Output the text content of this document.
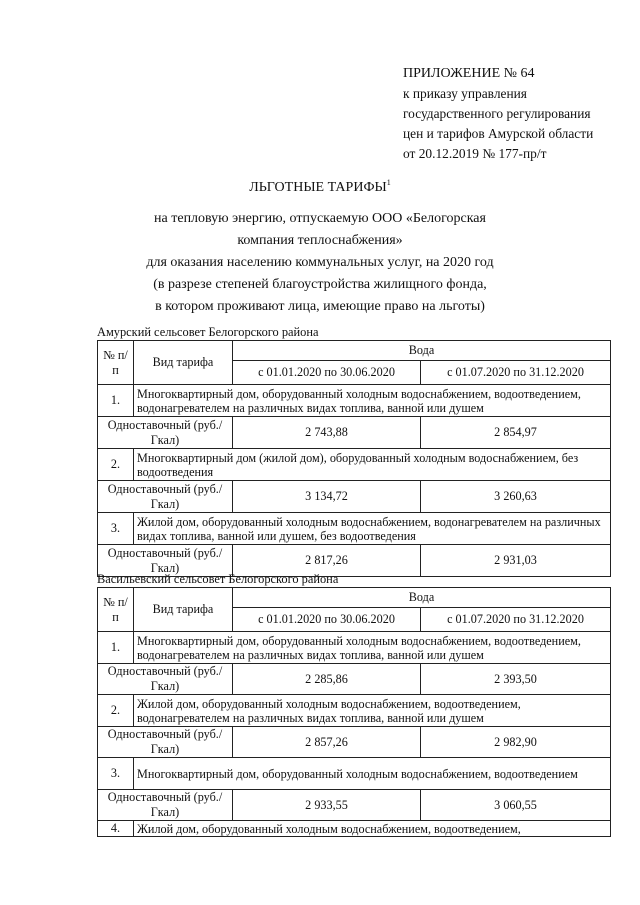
ПРИЛОЖЕНИЕ № 64
к приказу управления
государственного регулирования
цен и тарифов Амурской области
от 20.12.2019 № 177-пр/т
ЛЬГОТНЫЕ ТАРИФЫ$^1$
на тепловую энергию, отпускаемую ООО «Белогорская
компания теплоснабжения»
для оказания населению коммунальных услуг, на 2020 год
(в разрезе степеней благоустройства жилищного фонда,
в котором проживают лица, имеющие право на льготы)
Амурский сельсовет Белогорского района
№ п/п	Вид тарифа	Вода	
		с 01.01.2020 по 30.06.2020	с 01.07.2020 по 31.12.2020
1.	Многоквартирный дом, оборудованный холодным водоснабжением, водоотведением, водонагревателем на различных видах топлива, ванной или душем		
Одноставочный (руб./Гкал)		2 743,88	2 854,97
2.	Многоквартирный дом (жилой дом), оборудованный холодным водоснабжением, без водоотведения		
Одноставочный (руб./Гкал)		3 134,72	3 260,63
3.	Жилой дом, оборудованный холодным водоснабжением, водонагревателем на различных видах топлива, ванной или душем, без водоотведения		
Одноставочный (руб./Гкал)		2 817,26	2 931,03
Васильевский сельсовет Белогорского района
№ п/п	Вид тарифа	Вода	
		с 01.01.2020 по 30.06.2020	с 01.07.2020 по 31.12.2020
1.	Многоквартирный дом, оборудованный холодным водоснабжением, водоотведением, водонагревателем на различных видах топлива, ванной или душем		
Одноставочный (руб./Гкал)		2 285,86	2 393,50
2.	Жилой дом, оборудованный холодным водоснабжением, водоотведением, водонагревателем на различных видах топлива, ванной или душем		
Одноставочный (руб./Гкал)		2 857,26	2 982,90
3.	Многоквартирный дом, оборудованный холодным водоснабжением, водоотведением		
Одноставочный (руб./Гкал)		2 933,55	3 060,55
4.	Жилой дом, оборудованный холодным водоснабжением, водоотведением,		
